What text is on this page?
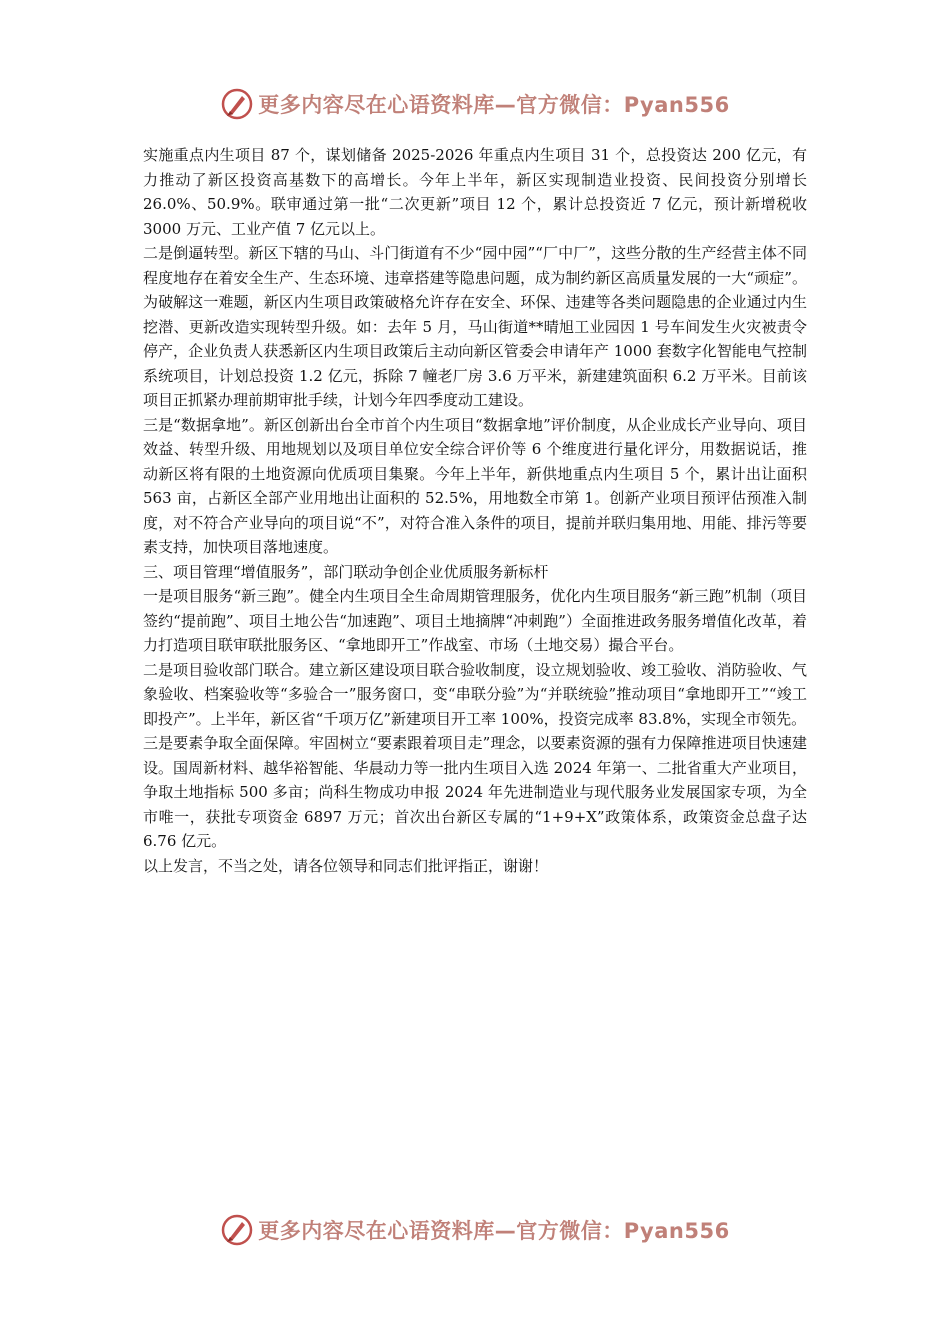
更多内容尽在心语资料库—官方微信：Pyan556

实施重点内生项目 87 个，谋划储备 2025-2026 年重点内生项目 31 个，总投资达 200 亿元，有力推动了新区投资高基数下的高增长。今年上半年，新区实现制造业投资、民间投资分别增长 26.0%、50.9%。联审通过第一批“二次更新”项目 12 个，累计总投资近 7 亿元，预计新增税收 3000 万元、工业产值 7 亿元以上。

二是倒逼转型。新区下辖的马山、斗门街道有不少“园中园”“厂中厂”，这些分散的生产经营主体不同程度地存在着安全生产、生态环境、违章搭建等隐患问题，成为制约新区高质量发展的一大“顽症”。为破解这一难题，新区内生项目政策破格允许存在安全、环保、违建等各类问题隐患的企业通过内生挖潜、更新改造实现转型升级。如：去年 5 月，马山街道**晴旭工业园因 1 号车间发生火灾被责令停产，企业负责人获悉新区内生项目政策后主动向新区管委会申请年产 1000 套数字化智能电气控制系统项目，计划总投资 1.2 亿元，拆除 7 幢老厂房 3.6 万平米，新建建筑面积 6.2 万平米。目前该项目正抓紧办理前期审批手续，计划今年四季度动工建设。

三是“数据拿地”。新区创新出台全市首个内生项目“数据拿地”评价制度，从企业成长产业导向、项目效益、转型升级、用地规划以及项目单位安全综合评价等 6 个维度进行量化评分，用数据说话，推动新区将有限的土地资源向优质项目集聚。今年上半年，新供地重点内生项目 5 个，累计出让面积 563 亩，占新区全部产业用地出让面积的 52.5%，用地数全市第 1。创新产业项目预评估预准入制度，对不符合产业导向的项目说“不”，对符合准入条件的项目，提前并联归集用地、用能、排污等要素支持，加快项目落地速度。

三、项目管理“增值服务”，部门联动争创企业优质服务新标杆

一是项目服务“新三跑”。健全内生项目全生命周期管理服务，优化内生项目服务“新三跑”机制（项目签约“提前跑”、项目土地公告“加速跑”、项目土地摘牌“冲刺跑”）全面推进政务服务增值化改革，着力打造项目联审联批服务区、“拿地即开工”作战室、市场（土地交易）撮合平台。

二是项目验收部门联合。建立新区建设项目联合验收制度，设立规划验收、竣工验收、消防验收、气象验收、档案验收等“多验合一”服务窗口，变“串联分验”为“并联统验”推动项目“拿地即开工”“竣工即投产”。上半年，新区省“千项万亿”新建项目开工率 100%，投资完成率 83.8%，实现全市领先。

三是要素争取全面保障。牢固树立“要素跟着项目走”理念，以要素资源的强有力保障推进项目快速建设。国周新材料、越华裕智能、华晨动力等一批内生项目入选 2024 年第一、二批省重大产业项目，争取土地指标 500 多亩；尚科生物成功申报 2024 年先进制造业与现代服务业发展国家专项，为全市唯一，获批专项资金 6897 万元；首次出台新区专属的“1+9+X”政策体系，政策资金总盘子达 6.76 亿元。

以上发言，不当之处，请各位领导和同志们批评指正，谢谢！

更多内容尽在心语资料库—官方微信：Pyan556
